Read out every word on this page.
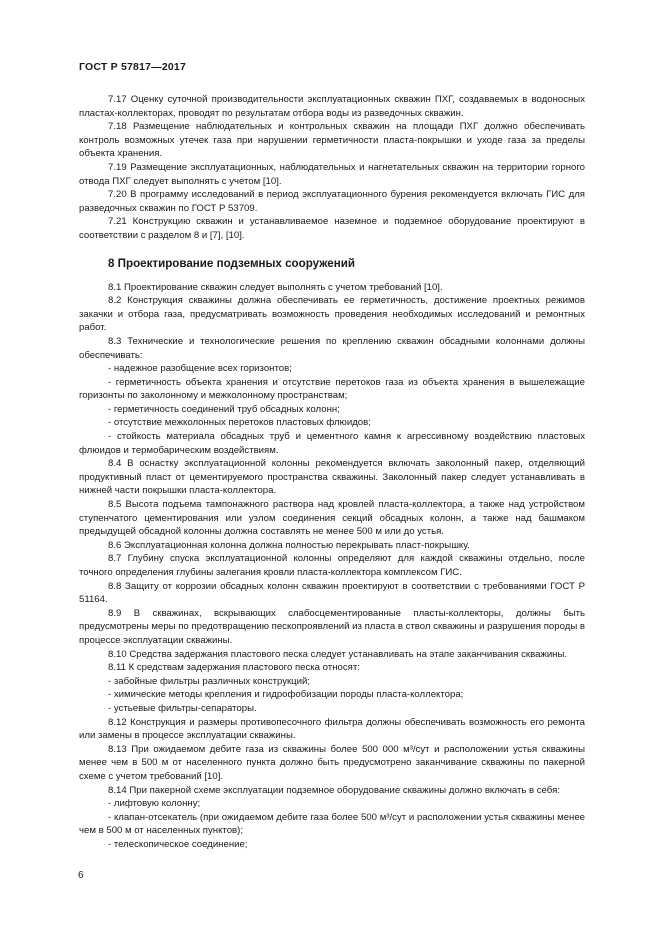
ГОСТ Р 57817—2017

7.17 Оценку суточной производительности эксплуатационных скважин ПХГ, создаваемых в водоносных пластах-коллекторах, проводят по результатам отбора воды из разведочных скважин.

7.18 Размещение наблюдательных и контрольных скважин на площади ПХГ должно обеспечивать контроль возможных утечек газа при нарушении герметичности пласта-покрышки и уходе газа за пределы объекта хранения.

7.19 Размещение эксплуатационных, наблюдательных и нагнетательных скважин на территории горного отвода ПХГ следует выполнять с учетом [10].

7.20 В программу исследований в период эксплуатационного бурения рекомендуется включать ГИС для разведочных скважин по ГОСТ Р 53709.

7.21 Конструкцию скважин и устанавливаемое наземное и подземное оборудование проектируют в соответствии с разделом 8 и [7], [10].

8 Проектирование подземных сооружений

8.1 Проектирование скважин следует выполнять с учетом требований [10].

8.2 Конструкция скважины должна обеспечивать ее герметичность, достижение проектных режимов закачки и отбора газа, предусматривать возможность проведения необходимых исследований и ремонтных работ.

8.3 Технические и технологические решения по креплению скважин обсадными колоннами должны обеспечивать:

- надежное разобщение всех горизонтов;

- герметичность объекта хранения и отсутствие перетоков газа из объекта хранения в вышележащие горизонты по заколонному и межколонному пространствам;

- герметичность соединений труб обсадных колонн;

- отсутствие межколонных перетоков пластовых флюидов;

- стойкость материала обсадных труб и цементного камня к агрессивному воздействию пластовых флюидов и термобарическим воздействиям.

8.4 В оснастку эксплуатационной колонны рекомендуется включать заколонный пакер, отделяющий продуктивный пласт от цементируемого пространства скважины. Заколонный пакер следует устанавливать в нижней части покрышки пласта-коллектора.

8.5 Высота подъема тампонажного раствора над кровлей пласта-коллектора, а также над устройством ступенчатого цементирования или узлом соединения секций обсадных колонн, а также над башмаком предыдущей обсадной колонны должна составлять не менее 500 м или до устья.

8.6 Эксплуатационная колонна должна полностью перекрывать пласт-покрышку.

8.7 Глубину спуска эксплуатационной колонны определяют для каждой скважины отдельно, после точного определения глубины залегания кровли пласта-коллектора комплексом ГИС.

8.8 Защиту от коррозии обсадных колонн скважин проектируют в соответствии с требованиями ГОСТ Р 51164.

8.9 В скважинах, вскрывающих слабосцементированные пласты-коллекторы, должны быть предусмотрены меры по предотвращению пескопроявлений из пласта в ствол скважины и разрушения породы в процессе эксплуатации скважины.

8.10 Средства задержания пластового песка следует устанавливать на этапе заканчивания скважины.

8.11 К средствам задержания пластового песка относят:

- забойные фильтры различных конструкций;

- химические методы крепления и гидрофобизации породы пласта-коллектора;

- устьевые фильтры-сепараторы.

8.12 Конструкция и размеры противопесочного фильтра должны обеспечивать возможность его ремонта или замены в процессе эксплуатации скважины.

8.13 При ожидаемом дебите газа из скважины более 500 000 м³/сут и расположении устья скважины менее чем в 500 м от населенного пункта должно быть предусмотрено заканчивание скважины по пакерной схеме с учетом требований [10].

8.14 При пакерной схеме эксплуатации подземное оборудование скважины должно включать в себя:

- лифтовую колонну;

- клапан-отсекатель (при ожидаемом дебите газа более 500 м³/сут и расположении устья скважины менее чем в 500 м от населенных пунктов);

- телескопическое соединение;

6
